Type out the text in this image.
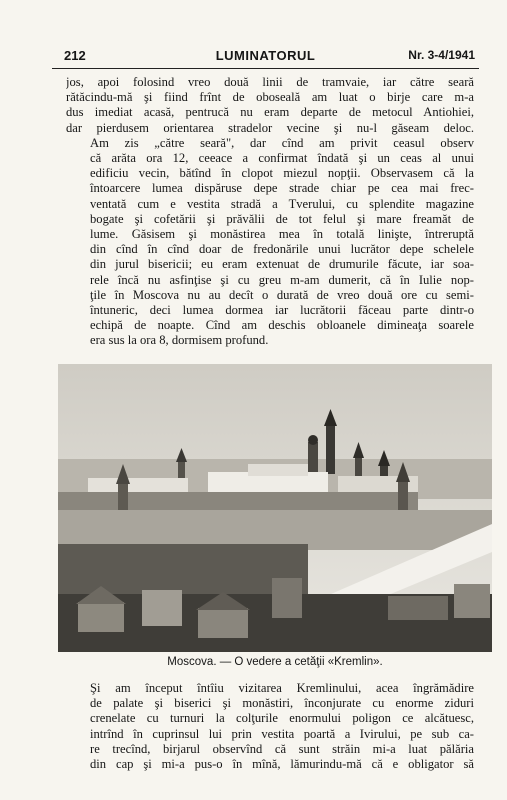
212	LUMINATORUL	Nr. 3-4/1941

jos, apoi folosind vreo două linii de tramvaie, iar către seară
rătăcindu-mă şi fiind frînt de oboseală am luat o birje care m-a
dus imediat acasă, pentrucă nu eram departe de metocul Antiohiei,
dar pierdusem orientarea stradelor vecine şi nu-l găseam deloc.

Am zis „către seară", dar cînd am privit ceasul observ
că arăta ora 12, ceeace a confirmat îndată şi un ceas al unui
edificiu vecin, bătînd în clopot miezul nopţii. Observasem că la
întoarcere lumea dispăruse depe strade chiar pe cea mai frec-
ventată cum e vestita stradă a Tverului, cu splendite magazine
bogate şi cofetării şi prăvălii de tot felul şi mare freamăt de
lume. Găsisem şi monăstirea mea în totală linişte, întreruptă
din cînd în cînd doar de fredonările unui lucrător depe schelele
din jurul bisericii; eu eram extenuat de drumurile făcute, iar soa-
rele încă nu asfinţise şi cu greu m-am dumerit, că în Iulie nop-
ţile în Moscova nu au decît o durată de vreo două ore cu semi-
întuneric, deci lumea dormea iar lucrătorii făceau parte dintr-o
echipă de noapte. Cînd am deschis obloanele dimineaţa soarele
era sus la ora 8, dormisem profund.

Moscova. — O vedere a cetăţii «Kremlin».

Şi am început întîiu vizitarea Kremlinului, acea îngrămădire
de palate şi biserici şi monăstiri, înconjurate cu enorme ziduri
crenelate cu turnuri la colţurile enormului poligon ce alcătuesc,
intrînd în cuprinsul lui prin vestita poartă a Ivirului, pe sub ca-
re trecînd, birjarul observînd că sunt străin mi-a luat pălăria
din cap şi mi-a pus-o în mînă, lămurindu-mă că e obligator să
